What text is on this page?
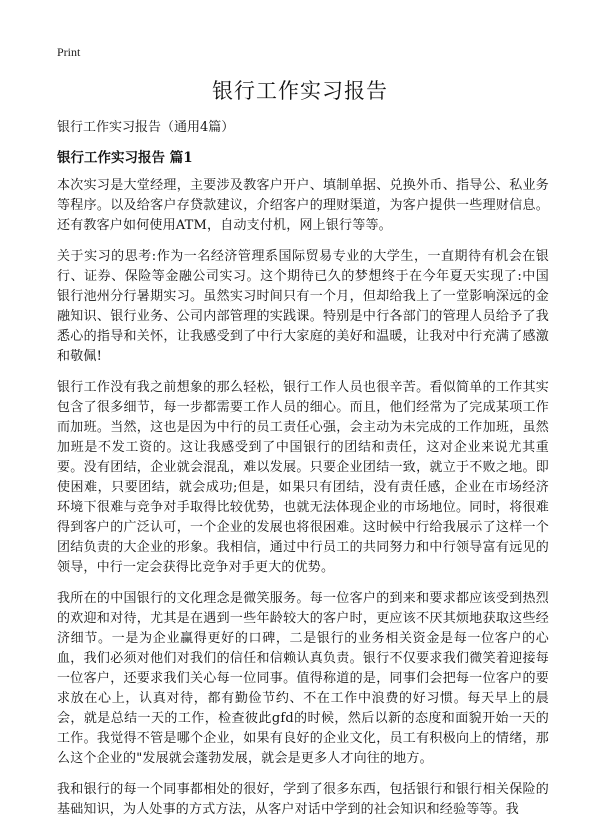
Print
银行工作实习报告

银行工作实习报告（通用4篇）

银行工作实习报告 篇1

本次实习是大堂经理，主要涉及教客户开户、填制单据、兑换外币、指导公、私业务等程序。以及给客户存贷款建议，介绍客户的理财渠道，为客户提供一些理财信息。还有教客户如何使用ATM，自动支付机，网上银行等等。

关于实习的思考:作为一名经济管理系国际贸易专业的大学生，一直期待有机会在银行、证券、保险等金融公司实习。这个期待已久的梦想终于在今年夏天实现了:中国银行池州分行暑期实习。虽然实习时间只有一个月，但却给我上了一堂影响深远的金融知识、银行业务、公司内部管理的实践课。特别是中行各部门的管理人员给予了我悉心的指导和关怀，让我感受到了中行大家庭的美好和温暖，让我对中行充满了感激和敬佩!

银行工作没有我之前想象的那么轻松，银行工作人员也很辛苦。看似简单的工作其实包含了很多细节，每一步都需要工作人员的细心。而且，他们经常为了完成某项工作而加班。当然，这也是因为中行的员工责任心强，会主动为未完成的工作加班，虽然加班是不发工资的。这让我感受到了中国银行的团结和责任，这对企业来说尤其重要。没有团结，企业就会混乱，难以发展。只要企业团结一致，就立于不败之地。即使困难，只要团结，就会成功;但是，如果只有团结，没有责任感，企业在市场经济环境下很难与竞争对手取得比较优势，也就无法体现企业的市场地位。同时，将很难得到客户的广泛认可，一个企业的发展也将很困难。这时候中行给我展示了这样一个团结负责的大企业的形象。我相信，通过中行员工的共同努力和中行领导富有远见的领导，中行一定会获得比竞争对手更大的优势。

我所在的中国银行的文化理念是微笑服务。每一位客户的到来和要求都应该受到热烈的欢迎和对待，尤其是在遇到一些年龄较大的客户时，更应该不厌其烦地获取这些经济细节。一是为企业赢得更好的口碑，二是银行的业务相关资金是每一位客户的心血，我们必须对他们对我们的信任和信赖认真负责。银行不仅要求我们微笑着迎接每一位客户，还要求我们关心每一位同事。值得称道的是，同事们会把每一位客户的要求放在心上，认真对待，都有勤俭节约、不在工作中浪费的好习惯。每天早上的晨会，就是总结一天的工作，检查彼此gfd的时候，然后以新的态度和面貌开始一天的工作。我觉得不管是哪个企业，如果有良好的企业文化，员工有积极向上的情绪，那么这个企业的"发展就会蓬勃发展，就会是更多人才向往的地方。

我和银行的每一个同事都相处的很好，学到了很多东西，包括银行和银行相关保险的基础知识，为人处事的方式方法，从客户对话中学到的社会知识和经验等等。我
